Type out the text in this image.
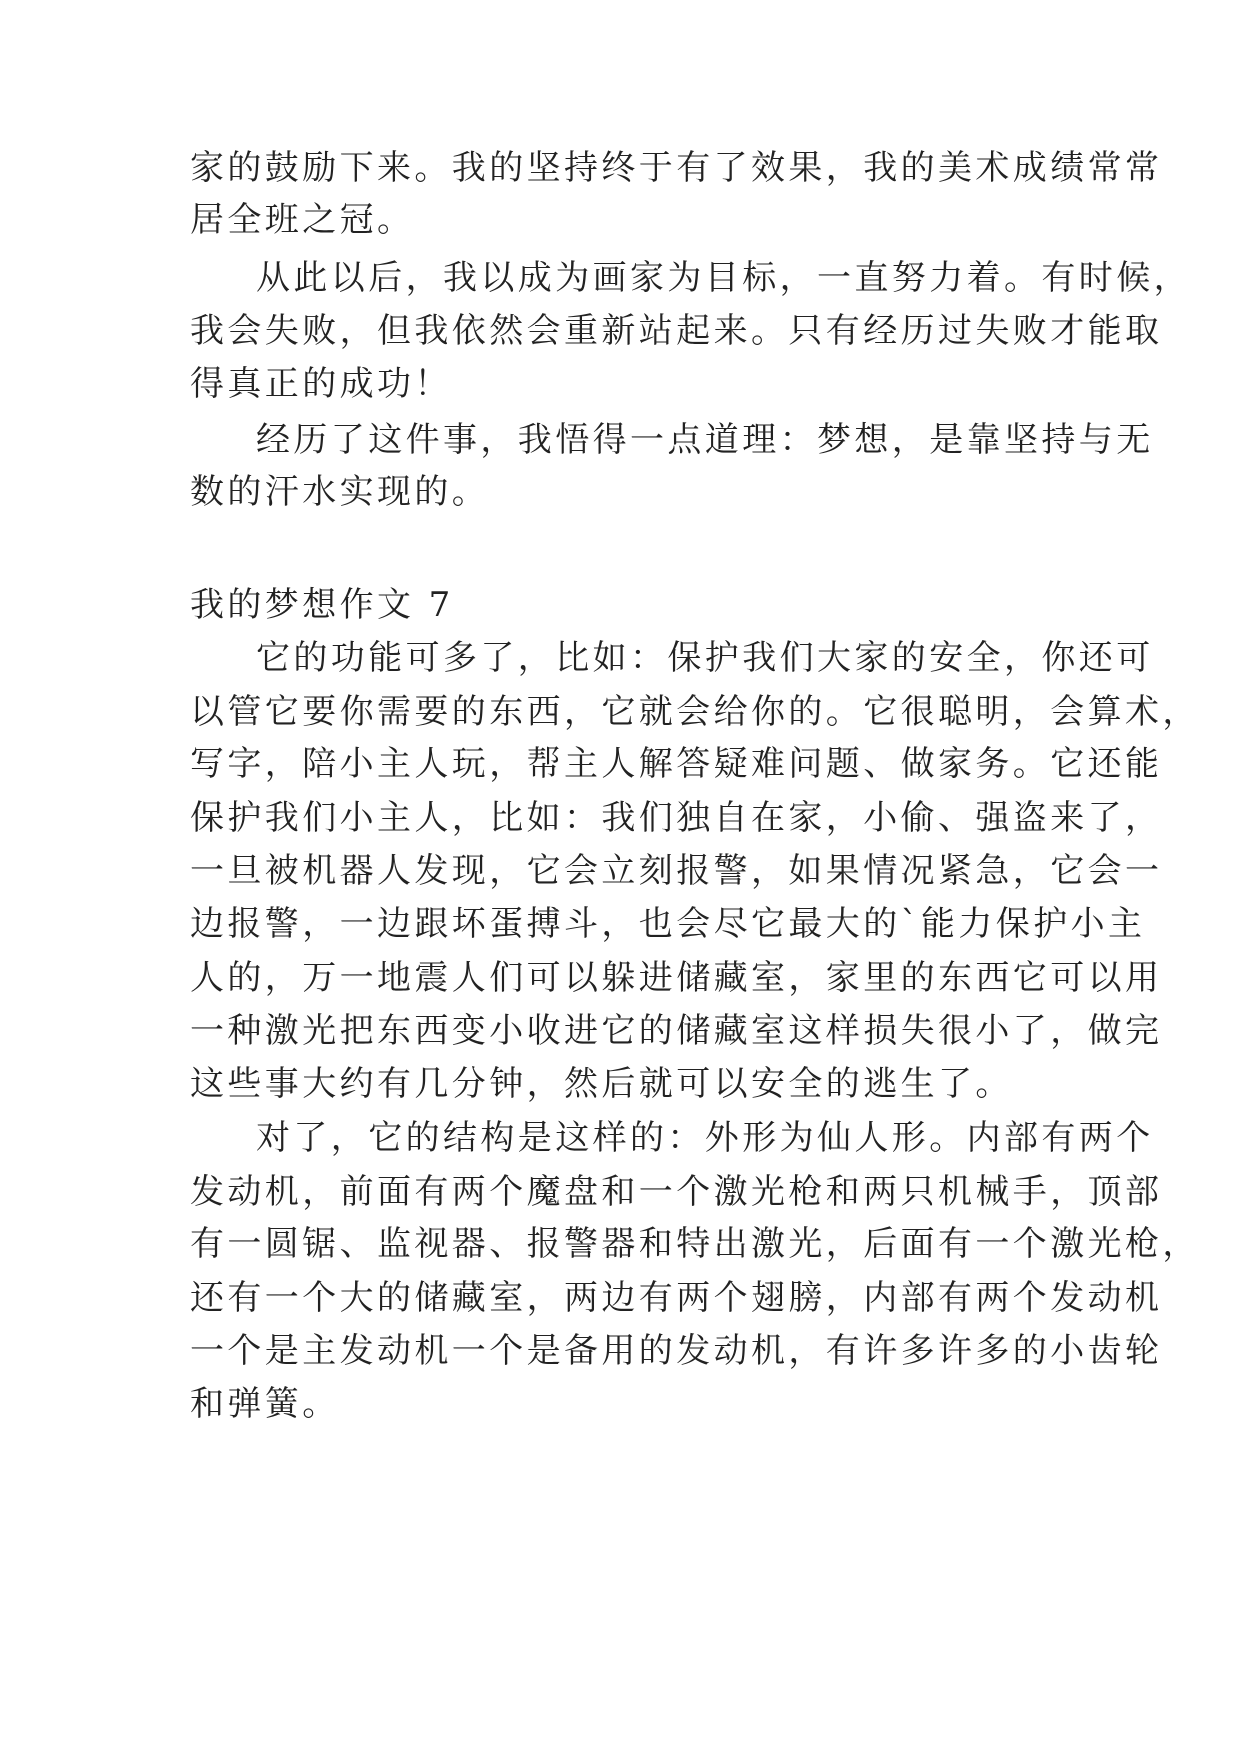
家的鼓励下来。我的坚持终于有了效果，我的美术成绩常常
居全班之冠。
从此以后，我以成为画家为目标，一直努力着。有时候，
我会失败，但我依然会重新站起来。只有经历过失败才能取
得真正的成功！
经历了这件事，我悟得一点道理：梦想，是靠坚持与无
数的汗水实现的。
我的梦想作文 7
它的功能可多了，比如：保护我们大家的安全，你还可
以管它要你需要的东西，它就会给你的。它很聪明，会算术，
写字，陪小主人玩，帮主人解答疑难问题、做家务。它还能
保护我们小主人，比如：我们独自在家，小偷、强盗来了，
一旦被机器人发现，它会立刻报警，如果情况紧急，它会一
边报警，一边跟坏蛋搏斗，也会尽它最大的`能力保护小主
人的，万一地震人们可以躲进储藏室，家里的东西它可以用
一种激光把东西变小收进它的储藏室这样损失很小了，做完
这些事大约有几分钟，然后就可以安全的逃生了。
对了，它的结构是这样的：外形为仙人形。内部有两个
发动机，前面有两个魔盘和一个激光枪和两只机械手，顶部
有一圆锯、监视器、报警器和特出激光，后面有一个激光枪，
还有一个大的储藏室，两边有两个翅膀，内部有两个发动机
一个是主发动机一个是备用的发动机，有许多许多的小齿轮
和弹簧。
